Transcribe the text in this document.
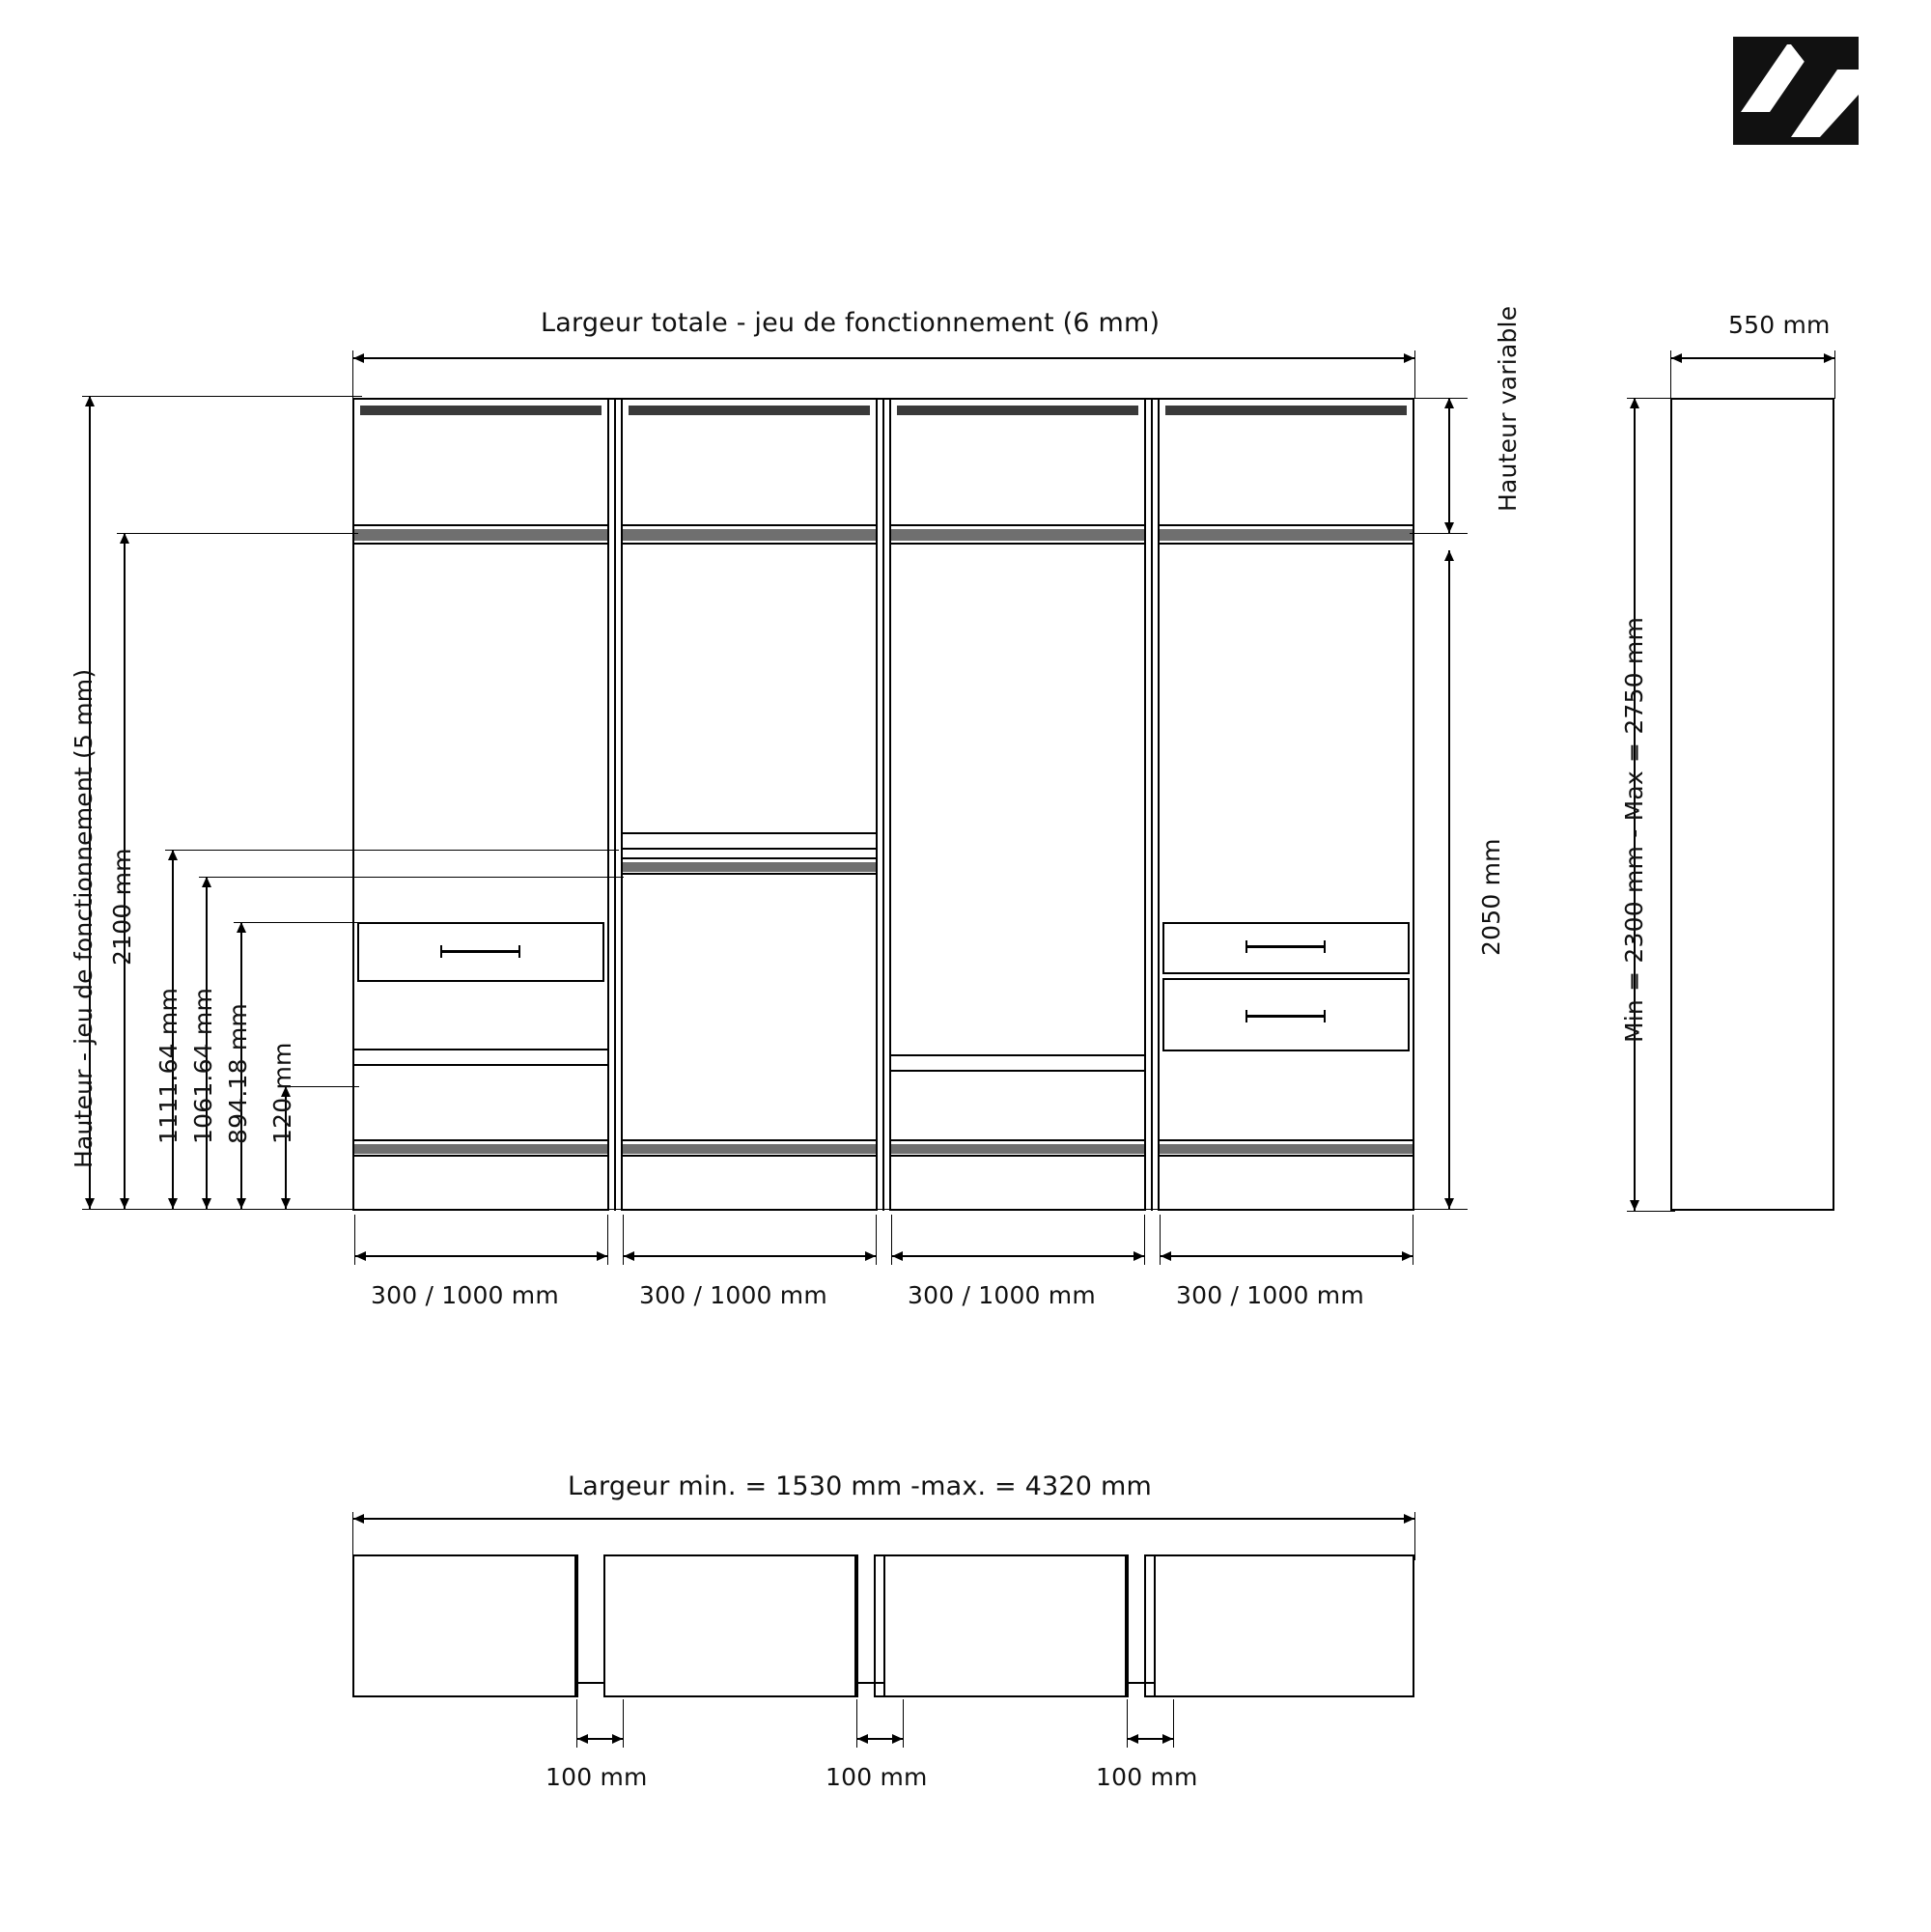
Largeur totale - jeu de fonctionnement (6 mm)
Hauteur - jeu de fonctionnement (5 mm) 2100 mm
1111.64 mm 1061.64 mm 894.18 mm 120 mm
Hauteur variable
2050 mm
300 / 1000 mm	300 / 1000 mm	300 / 1000 mm	300 / 1000 mm
550 mm
Min = 2300 mm - Max = 2750 mm
Largeur min. = 1530 mm -max. = 4320 mm
100 mm	100 mm	100 mm
